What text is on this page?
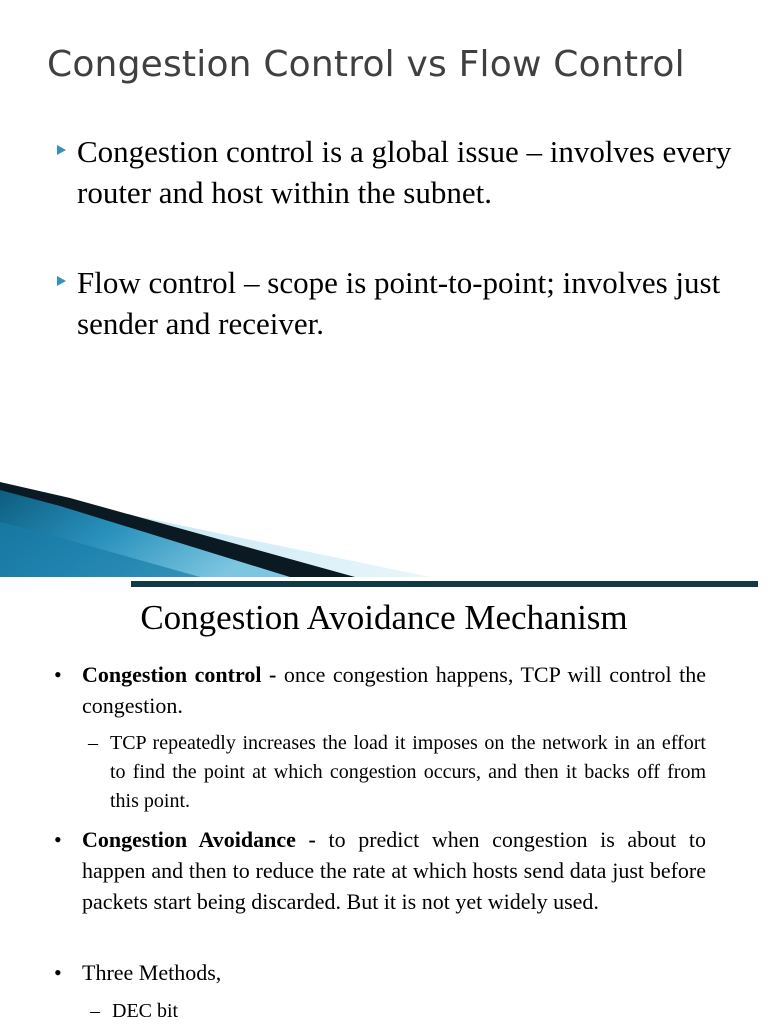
Congestion Control vs Flow Control
Congestion control is a global issue – involves every router and host within the subnet.
Flow control – scope is point-to-point; involves just sender and receiver.
Congestion Avoidance Mechanism
• Congestion control - once congestion happens, TCP will control the congestion.
– TCP repeatedly increases the load it imposes on the network in an effort to find the point at which congestion occurs, and then it backs off from this point.
• Congestion Avoidance - to predict when congestion is about to happen and then to reduce the rate at which hosts send data just before packets start being discarded. But it is not yet widely used.
• Three Methods,
– DEC bit
